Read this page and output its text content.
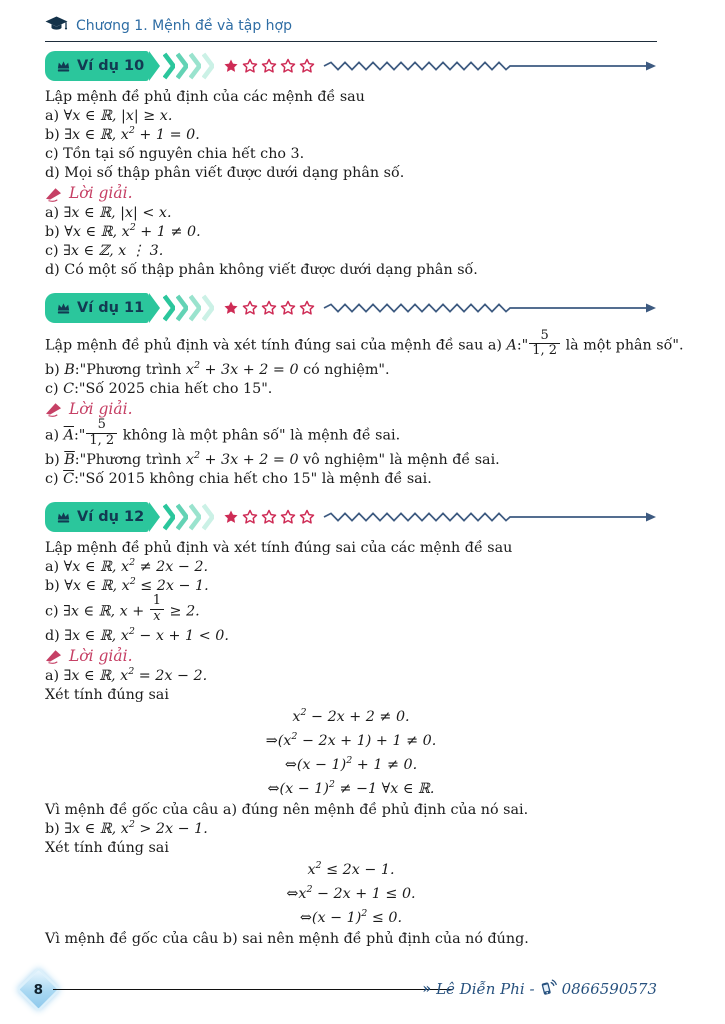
Chương 1. Mệnh đề và tập hợp
Ví dụ 10
Lập mệnh đề phủ định của các mệnh đề sau
a) ∀x ∈ ℝ, |x| ≥ x.
b) ∃x ∈ ℝ, $x^2 + 1 = 0$.
c) Tồn tại số nguyên chia hết cho 3.
d) Mọi số thập phân viết được dưới dạng phân số.
Lời giải.
a) ∃x ∈ ℝ, |x| < x.
b) ∀x ∈ ℝ, $x^2 + 1 \ne 0$.
c) ∃x ∈ ℤ, x ⋮ 3.
d) Có một số thập phân không viết được dưới dạng phân số.
Ví dụ 11
Lập mệnh đề phủ định và xét tính đúng sai của mệnh đề sau a) A:" $\frac{5}{1, 2}$ là một phân số".
b) B:"Phương trình $x^2 + 3x + 2 = 0$ có nghiệm".
c) C:"Số 2025 chia hết cho 15".
Lời giải.
a) $\overline{A}$:" $\frac{5}{1, 2}$ không là một phân số" là mệnh đề sai.
b) $\overline{B}:"Phương$ trình $x^2 + 3x + 2 = 0$ vô nghiệm" là mệnh đề sai.
c) $\overline{C}:"Số$ 2015 không chia hết cho 15" là mệnh đề sai.
Ví dụ 12
Lập mệnh đề phủ định và xét tính đúng sai của các mệnh đề sau
a) ∀x ∈ ℝ, $x^2 \ne 2x - 2$.
b) ∀x ∈ ℝ, $x^2 \le 2x - 1$.
c) ∃x ∈ ℝ, $x + \frac{1}{x} \ge 2$.
d) ∃x ∈ ℝ, $x^2 - x + 1 < 0$.
Lời giải.
a) ∃x ∈ ℝ, $x^2 = 2x - 2$.
Xét tính đúng sai
$x^2 - 2x + 2 \ne 0$.
$\Rightarrow(x^2 - 2x + 1) + 1 \ne 0$.
⇔(x − 1)$^2$ + 1 ≠ 0.
⇔(x − 1)$^2$ ≠ −1 ∀x ∈ ℝ.
Vì mệnh đề gốc của câu a) đúng nên mệnh đề phủ định của nó sai.
b) ∃x ∈ ℝ, $x^2 > 2x - 1$.
Xét tính đúng sai
$x^2 \le 2x - 1$.
$\Leftrightarrow x^2 - 2x + 1 \le 0$.
⇔(x − 1)$^2$ ≤ 0.
Vì mệnh đề gốc của câu b) sai nên mệnh đề phủ định của nó đúng.
8	» Lê Diễn Phi - 0866590573
